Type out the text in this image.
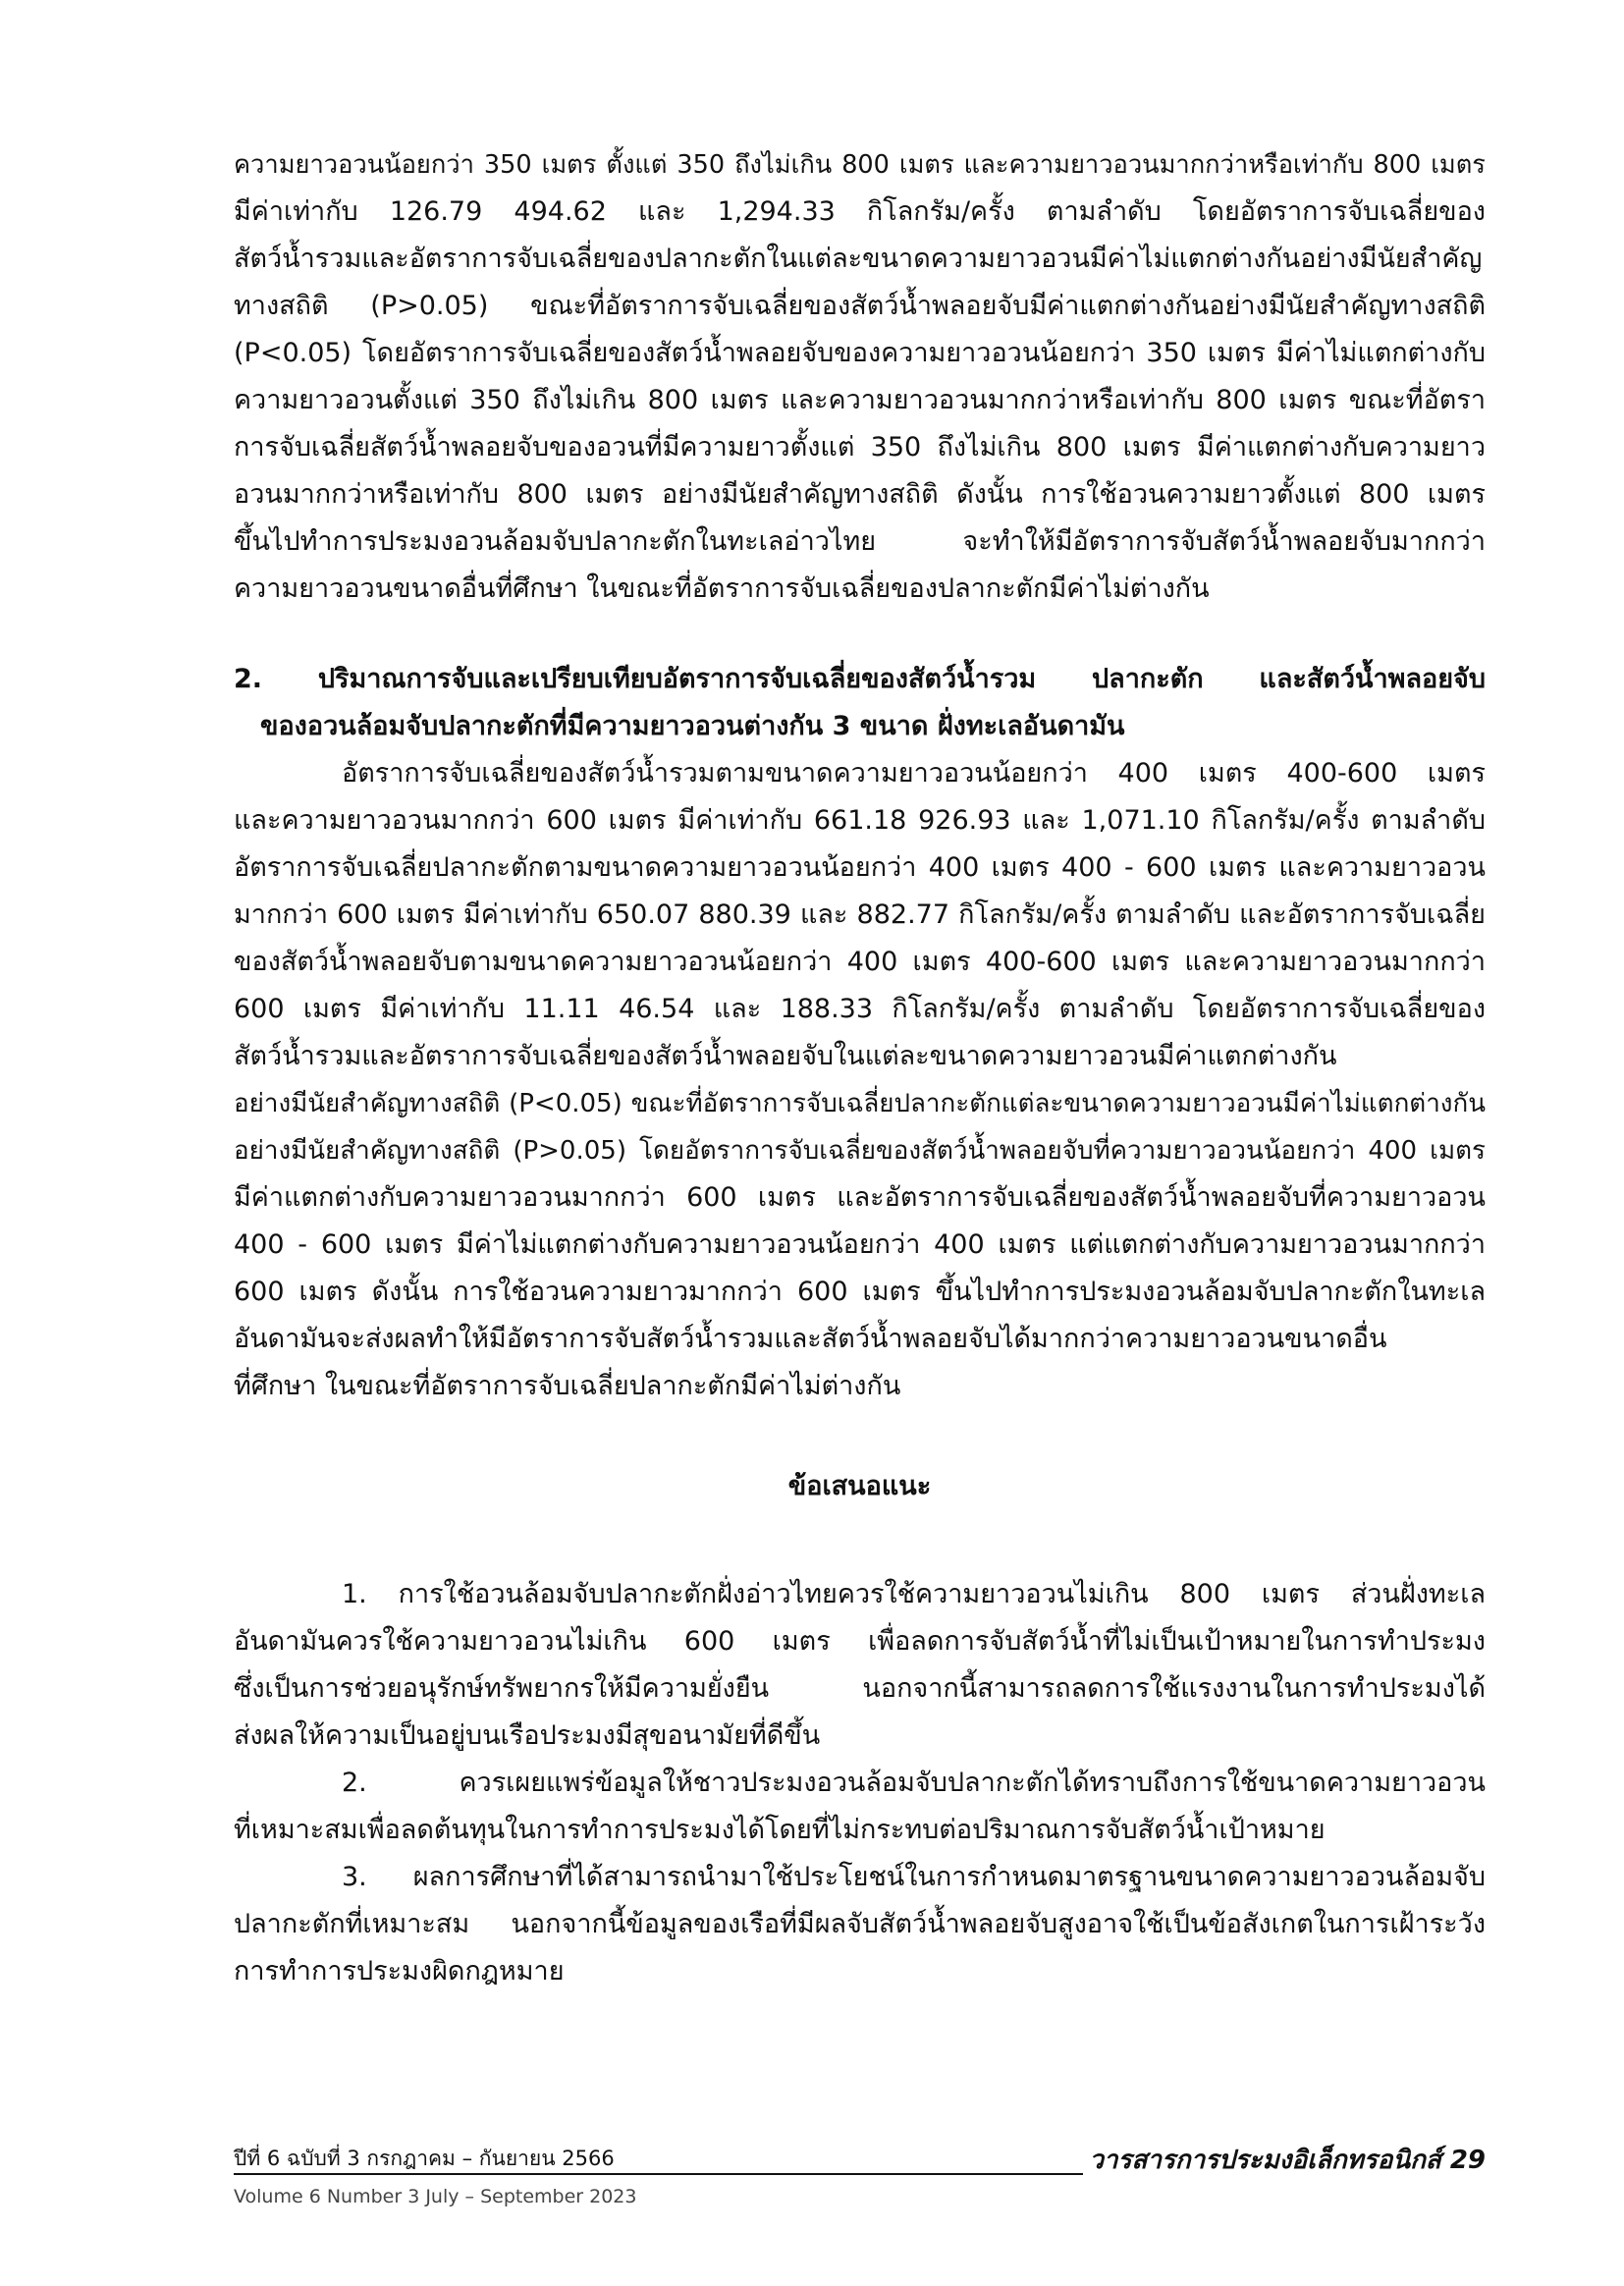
ความยาวอวนน้อยกว่า 350 เมตร ตั้งแต่ 350 ถึงไม่เกิน 800 เมตร และความยาวอวนมากกว่าหรือเท่ากับ 800 เมตร
มีค่าเท่ากับ 126.79 494.62 และ 1,294.33 กิโลกรัม/ครั้ง ตามลำดับ โดยอัตราการจับเฉลี่ยของ
สัตว์น้ำรวมและอัตราการจับเฉลี่ยของปลากะตักในแต่ละขนาดความยาวอวนมีค่าไม่แตกต่างกันอย่างมีนัยสำคัญ
ทางสถิติ (P>0.05) ขณะที่อัตราการจับเฉลี่ยของสัตว์น้ำพลอยจับมีค่าแตกต่างกันอย่างมีนัยสำคัญทางสถิติ
(P<0.05) โดยอัตราการจับเฉลี่ยของสัตว์น้ำพลอยจับของความยาวอวนน้อยกว่า 350 เมตร มีค่าไม่แตกต่างกับ
ความยาวอวนตั้งแต่ 350 ถึงไม่เกิน 800 เมตร และความยาวอวนมากกว่าหรือเท่ากับ 800 เมตร ขณะที่อัตรา
การจับเฉลี่ยสัตว์น้ำพลอยจับของอวนที่มีความยาวตั้งแต่ 350 ถึงไม่เกิน 800 เมตร มีค่าแตกต่างกับความยาว
อวนมากกว่าหรือเท่ากับ 800 เมตร อย่างมีนัยสำคัญทางสถิติ ดังนั้น การใช้อวนความยาวตั้งแต่ 800 เมตร
ขึ้นไปทำการประมงอวนล้อมจับปลากะตักในทะเลอ่าวไทย จะทำให้มีอัตราการจับสัตว์น้ำพลอยจับมากกว่า
ความยาวอวนขนาดอื่นที่ศึกษา ในขณะที่อัตราการจับเฉลี่ยของปลากะตักมีค่าไม่ต่างกัน
2. ปริมาณการจับและเปรียบเทียบอัตราการจับเฉลี่ยของสัตว์น้ำรวม ปลากะตัก และสัตว์น้ำพลอยจับ
ของอวนล้อมจับปลากะตักที่มีความยาวอวนต่างกัน 3 ขนาด ฝั่งทะเลอันดามัน
อัตราการจับเฉลี่ยของสัตว์น้ำรวมตามขนาดความยาวอวนน้อยกว่า 400 เมตร 400-600 เมตร
และความยาวอวนมากกว่า 600 เมตร มีค่าเท่ากับ 661.18 926.93 และ 1,071.10 กิโลกรัม/ครั้ง ตามลำดับ
อัตราการจับเฉลี่ยปลากะตักตามขนาดความยาวอวนน้อยกว่า 400 เมตร 400 - 600 เมตร และความยาวอวน
มากกว่า 600 เมตร มีค่าเท่ากับ 650.07 880.39 และ 882.77 กิโลกรัม/ครั้ง ตามลำดับ และอัตราการจับเฉลี่ย
ของสัตว์น้ำพลอยจับตามขนาดความยาวอวนน้อยกว่า 400 เมตร 400-600 เมตร และความยาวอวนมากกว่า
600 เมตร มีค่าเท่ากับ 11.11 46.54 และ 188.33 กิโลกรัม/ครั้ง ตามลำดับ โดยอัตราการจับเฉลี่ยของ
สัตว์น้ำรวมและอัตราการจับเฉลี่ยของสัตว์น้ำพลอยจับในแต่ละขนาดความยาวอวนมีค่าแตกต่างกัน
อย่างมีนัยสำคัญทางสถิติ (P<0.05) ขณะที่อัตราการจับเฉลี่ยปลากะตักแต่ละขนาดความยาวอวนมีค่าไม่แตกต่างกัน
อย่างมีนัยสำคัญทางสถิติ (P>0.05) โดยอัตราการจับเฉลี่ยของสัตว์น้ำพลอยจับที่ความยาวอวนน้อยกว่า 400 เมตร
มีค่าแตกต่างกับความยาวอวนมากกว่า 600 เมตร และอัตราการจับเฉลี่ยของสัตว์น้ำพลอยจับที่ความยาวอวน
400 - 600 เมตร มีค่าไม่แตกต่างกับความยาวอวนน้อยกว่า 400 เมตร แต่แตกต่างกับความยาวอวนมากกว่า
600 เมตร ดังนั้น การใช้อวนความยาวมากกว่า 600 เมตร ขึ้นไปทำการประมงอวนล้อมจับปลากะตักในทะเล
อันดามันจะส่งผลทำให้มีอัตราการจับสัตว์น้ำรวมและสัตว์น้ำพลอยจับได้มากกว่าความยาวอวนขนาดอื่น
ที่ศึกษา ในขณะที่อัตราการจับเฉลี่ยปลากะตักมีค่าไม่ต่างกัน
ข้อเสนอแนะ
1. การใช้อวนล้อมจับปลากะตักฝั่งอ่าวไทยควรใช้ความยาวอวนไม่เกิน 800 เมตร ส่วนฝั่งทะเล
อันดามันควรใช้ความยาวอวนไม่เกิน 600 เมตร เพื่อลดการจับสัตว์น้ำที่ไม่เป็นเป้าหมายในการทำประมง
ซึ่งเป็นการช่วยอนุรักษ์ทรัพยากรให้มีความยั่งยืน นอกจากนี้สามารถลดการใช้แรงงานในการทำประมงได้
ส่งผลให้ความเป็นอยู่บนเรือประมงมีสุขอนามัยที่ดีขึ้น
2. ควรเผยแพร่ข้อมูลให้ชาวประมงอวนล้อมจับปลากะตักได้ทราบถึงการใช้ขนาดความยาวอวน
ที่เหมาะสมเพื่อลดต้นทุนในการทำการประมงได้โดยที่ไม่กระทบต่อปริมาณการจับสัตว์น้ำเป้าหมาย
3. ผลการศึกษาที่ได้สามารถนำมาใช้ประโยชน์ในการกำหนดมาตรฐานขนาดความยาวอวนล้อมจับ
ปลากะตักที่เหมาะสม นอกจากนี้ข้อมูลของเรือที่มีผลจับสัตว์น้ำพลอยจับสูงอาจใช้เป็นข้อสังเกตในการเฝ้าระวัง
การทำการประมงผิดกฎหมาย
ปีที่ 6 ฉบับที่ 3 กรกฎาคม – กันยายน 2566	วารสารการประมงอิเล็กทรอนิกส์ 29
Volume 6 Number 3 July – September 2023
